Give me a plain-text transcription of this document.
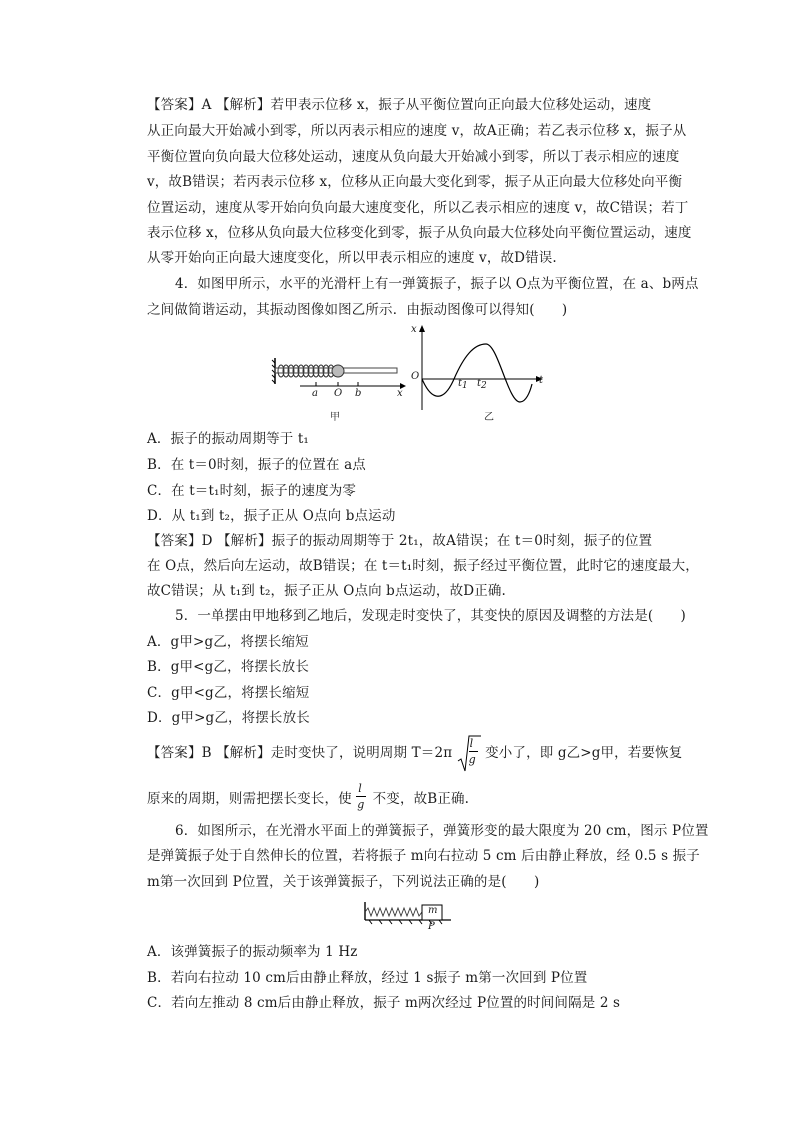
【答案】A 【解析】若甲表示位移 x，振子从平衡位置向正向最大位移处运动，速度
从正向最大开始减小到零，所以丙表示相应的速度 v，故A正确；若乙表示位移 x，振子从
平衡位置向负向最大位移处运动，速度从负向最大开始减小到零，所以丁表示相应的速度
v，故B错误；若丙表示位移 x，位移从正向最大变化到零，振子从正向最大位移处向平衡
位置运动，速度从零开始向负向最大速度变化，所以乙表示相应的速度 v，故C错误；若丁
表示位移 x，位移从负向最大位移变化到零，振子从负向最大位移处向平衡位置运动，速度
从零开始向正向最大速度变化，所以甲表示相应的速度 v，故D错误.
4．如图甲所示，水平的光滑杆上有一弹簧振子，振子以 O点为平衡位置，在 a、b两点
之间做简谐运动，其振动图像如图乙所示．由振动图像可以得知(　　)
a O b	x
甲
x
O
$t_1$ $t_2$	t
乙
A．振子的振动周期等于 t₁
B．在 t＝0时刻，振子的位置在 a点
C．在 t＝t₁时刻，振子的速度为零
D．从 t₁到 t₂，振子正从 O点向 b点运动
【答案】D 【解析】振子的振动周期等于 2t₁，故A错误；在 t＝0时刻，振子的位置
在 O点，然后向左运动，故B错误；在 t＝t₁时刻，振子经过平衡位置，此时它的速度最大，
故C错误；从 t₁到 t₂，振子正从 O点向 b点运动，故D正确.
5．一单摆由甲地移到乙地后，发现走时变快了，其变快的原因及调整的方法是(　　)
A．g甲>g乙，将摆长缩短
B．g甲<g乙，将摆长放长
C．g甲<g乙，将摆长缩短
D．g甲>g乙，将摆长放长
【答案】B 【解析】走时变快了，说明周期 $T=2\pi \frac{l}{g}$ 变小了，即 g乙>g甲，若要恢复
原来的周期，则需把摆长变长，使 $\frac{l}{g}$ 不变，故B正确.
6．如图所示，在光滑水平面上的弹簧振子，弹簧形变的最大限度为 20 cm，图示 P位置
是弹簧振子处于自然伸长的位置，若将振子 m向右拉动 5 cm 后由静止释放，经 0.5 s 振子
m第一次回到 P位置，关于该弹簧振子，下列说法正确的是(　　)
m
P
A．该弹簧振子的振动频率为 1 Hz
B．若向右拉动 10 cm后由静止释放，经过 1 s振子 m第一次回到 P位置
C．若向左推动 8 cm后由静止释放，振子 m两次经过 P位置的时间间隔是 2 s
